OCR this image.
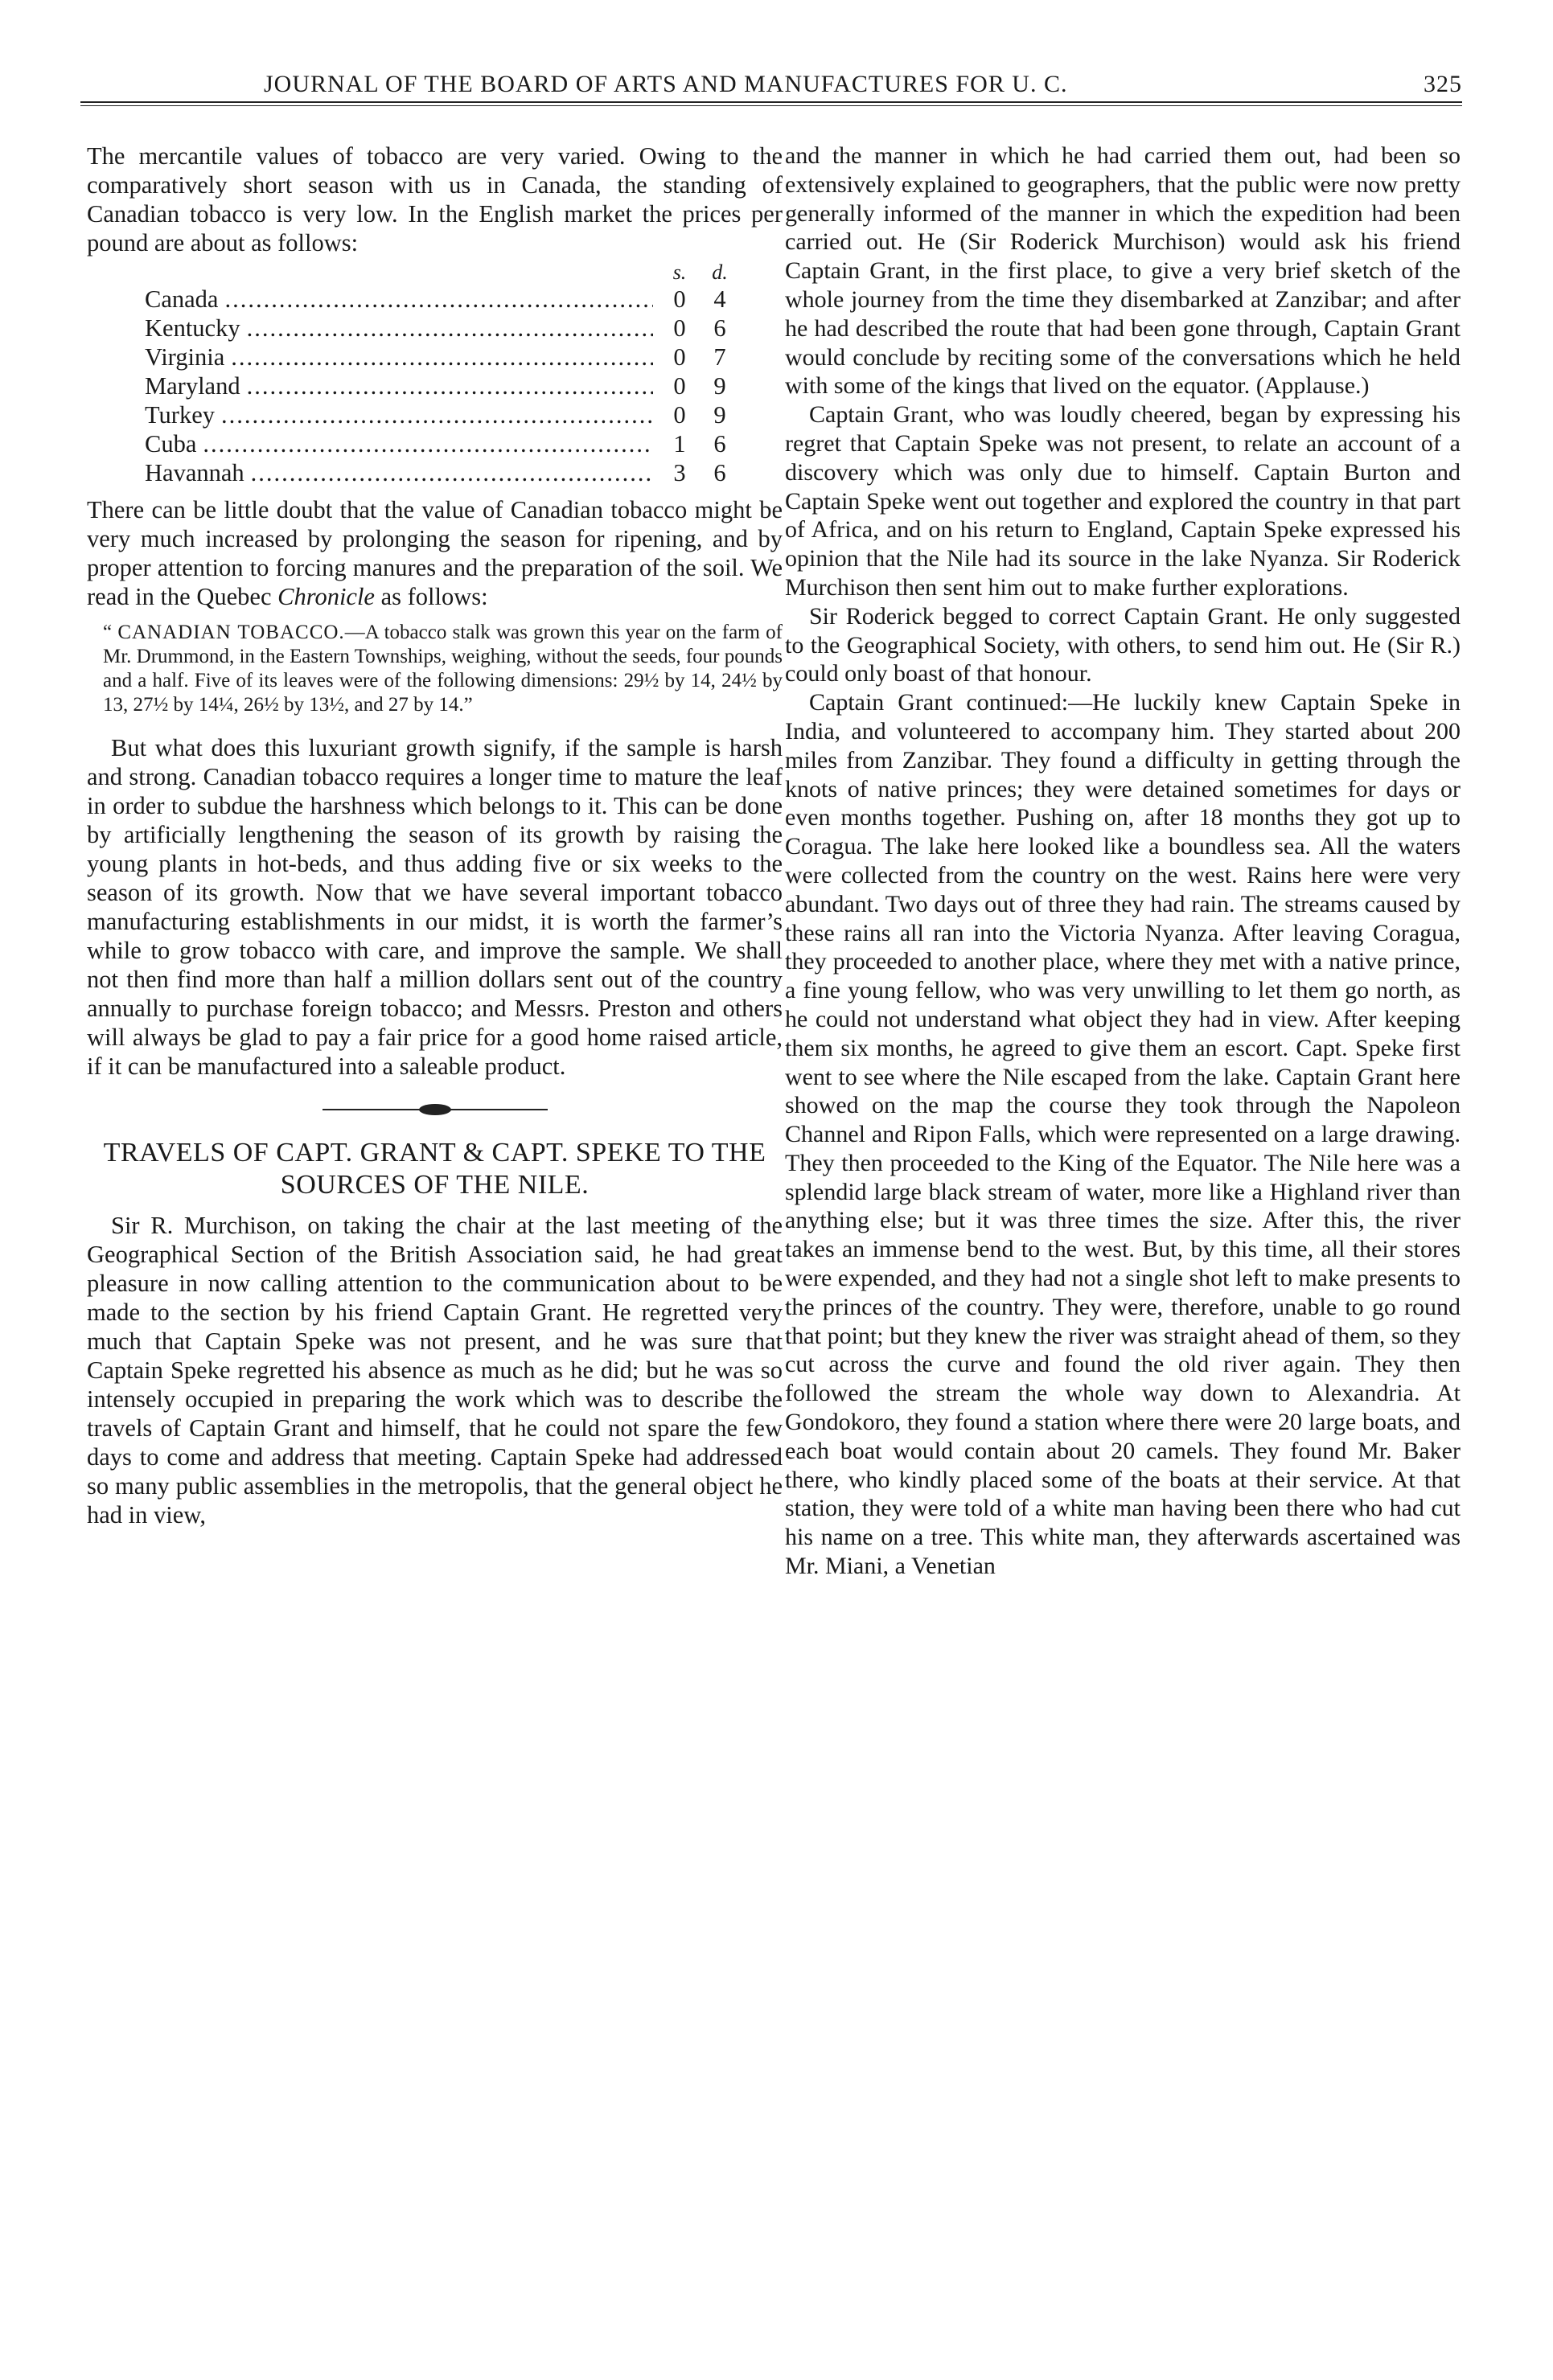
JOURNAL OF THE BOARD OF ARTS AND MANUFACTURES FOR U. C.	325

The mercantile values of tobacco are very varied. Owing to the comparatively short season with us in Canada, the standing of Canadian tobacco is very low. In the English market the prices per pound are about as follows:

s.	d.
Canada .....	0	4
Kentucky .....	0	6
Virginia .....	0	7
Maryland .....	0	9
Turkey .....	0	9
Cuba .....	1	6
Havannah .....	3	6

There can be little doubt that the value of Canadian tobacco might be very much increased by prolonging the season for ripening, and by proper attention to forcing manures and the preparation of the soil. We read in the Quebec Chronicle as follows:

“ CANADIAN TOBACCO.—A tobacco stalk was grown this year on the farm of Mr. Drummond, in the Eastern Townships, weighing, without the seeds, four pounds and a half. Five of its leaves were of the following dimensions: 29½ by 14, 24½ by 13, 27½ by 14¼, 26½ by 13½, and 27 by 14.”

But what does this luxuriant growth signify, if the sample is harsh and strong. Canadian tobacco requires a longer time to mature the leaf in order to subdue the harshness which belongs to it. This can be done by artificially lengthening the season of its growth by raising the young plants in hot-beds, and thus adding five or six weeks to the season of its growth. Now that we have several important tobacco manufacturing establishments in our midst, it is worth the farmer’s while to grow tobacco with care, and improve the sample. We shall not then find more than half a million dollars sent out of the country annually to purchase foreign tobacco; and Messrs. Preston and others will always be glad to pay a fair price for a good home raised article, if it can be manufactured into a saleable product.

TRAVELS OF CAPT. GRANT & CAPT. SPEKE TO THE SOURCES OF THE NILE.

Sir R. Murchison, on taking the chair at the last meeting of the Geographical Section of the British Association said, he had great pleasure in now calling attention to the communication about to be made to the section by his friend Captain Grant. He regretted very much that Captain Speke was not present, and he was sure that Captain Speke regretted his absence as much as he did; but he was so intensely occupied in preparing the work which was to describe the travels of Captain Grant and himself, that he could not spare the few days to come and address that meeting. Captain Speke had addressed so many public assemblies in the metropolis, that the general object he had in view,

and the manner in which he had carried them out, had been so extensively explained to geographers, that the public were now pretty generally informed of the manner in which the expedition had been carried out. He (Sir Roderick Murchison) would ask his friend Captain Grant, in the first place, to give a very brief sketch of the whole journey from the time they disembarked at Zanzibar; and after he had described the route that had been gone through, Captain Grant would conclude by reciting some of the conversations which he held with some of the kings that lived on the equator. (Applause.)

Captain Grant, who was loudly cheered, began by expressing his regret that Captain Speke was not present, to relate an account of a discovery which was only due to himself. Captain Burton and Captain Speke went out together and explored the country in that part of Africa, and on his return to England, Captain Speke expressed his opinion that the Nile had its source in the lake Nyanza. Sir Roderick Murchison then sent him out to make further explorations.

Sir Roderick begged to correct Captain Grant. He only suggested to the Geographical Society, with others, to send him out. He (Sir R.) could only boast of that honour.

Captain Grant continued:—He luckily knew Captain Speke in India, and volunteered to accompany him. They started about 200 miles from Zanzibar. They found a difficulty in getting through the knots of native princes; they were detained sometimes for days or even months together. Pushing on, after 18 months they got up to Coragua. The lake here looked like a boundless sea. All the waters were collected from the country on the west. Rains here were very abundant. Two days out of three they had rain. The streams caused by these rains all ran into the Victoria Nyanza. After leaving Coragua, they proceeded to another place, where they met with a native prince, a fine young fellow, who was very unwilling to let them go north, as he could not understand what object they had in view. After keeping them six months, he agreed to give them an escort. Capt. Speke first went to see where the Nile escaped from the lake. Captain Grant here showed on the map the course they took through the Napoleon Channel and Ripon Falls, which were represented on a large drawing. They then proceeded to the King of the Equator. The Nile here was a splendid large black stream of water, more like a Highland river than anything else; but it was three times the size. After this, the river takes an immense bend to the west. But, by this time, all their stores were expended, and they had not a single shot left to make presents to the princes of the country. They were, therefore, unable to go round that point; but they knew the river was straight ahead of them, so they cut across the curve and found the old river again. They then followed the stream the whole way down to Alexandria. At Gondokoro, they found a station where there were 20 large boats, and each boat would contain about 20 camels. They found Mr. Baker there, who kindly placed some of the boats at their service. At that station, they were told of a white man having been there who had cut his name on a tree. This white man, they afterwards ascertained was Mr. Miani, a Venetian
